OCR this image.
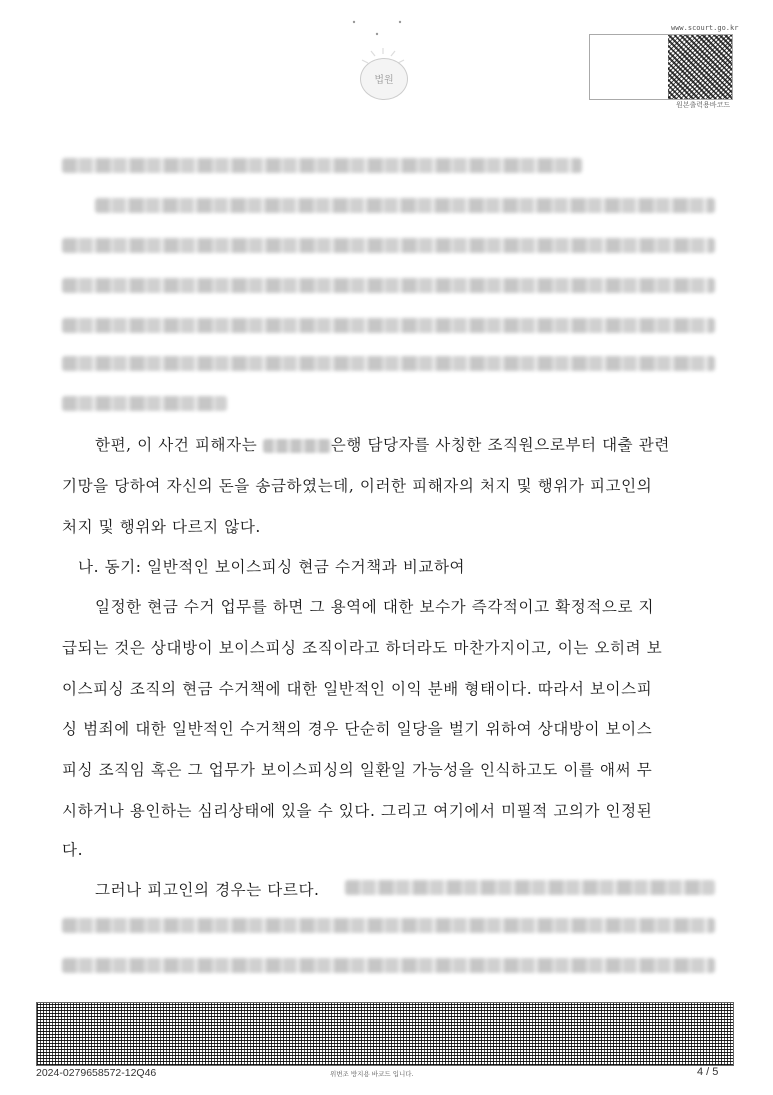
법원
www.scourt.go.kr
원본출력용바코드
한편, 이 사건 피해자는	은행 담당자를 사칭한 조직원으로부터 대출 관련
기망을 당하여 자신의 돈을 송금하였는데, 이러한 피해자의 처지 및 행위가 피고인의
처지 및 행위와 다르지 않다.
나. 동기: 일반적인 보이스피싱 현금 수거책과 비교하여
일정한 현금 수거 업무를 하면 그 용역에 대한 보수가 즉각적이고 확정적으로 지
급되는 것은 상대방이 보이스피싱 조직이라고 하더라도 마찬가지이고, 이는 오히려 보
이스피싱 조직의 현금 수거책에 대한 일반적인 이익 분배 형태이다. 따라서 보이스피
싱 범죄에 대한 일반적인 수거책의 경우 단순히 일당을 벌기 위하여 상대방이 보이스
피싱 조직임 혹은 그 업무가 보이스피싱의 일환일 가능성을 인식하고도 이를 애써 무
시하거나 용인하는 심리상태에 있을 수 있다. 그리고 여기에서 미필적 고의가 인정된
다.
그러나 피고인의 경우는 다르다.
2024-0279658572-12Q46	위변조 방지용 바코드 입니다.	4 / 5
